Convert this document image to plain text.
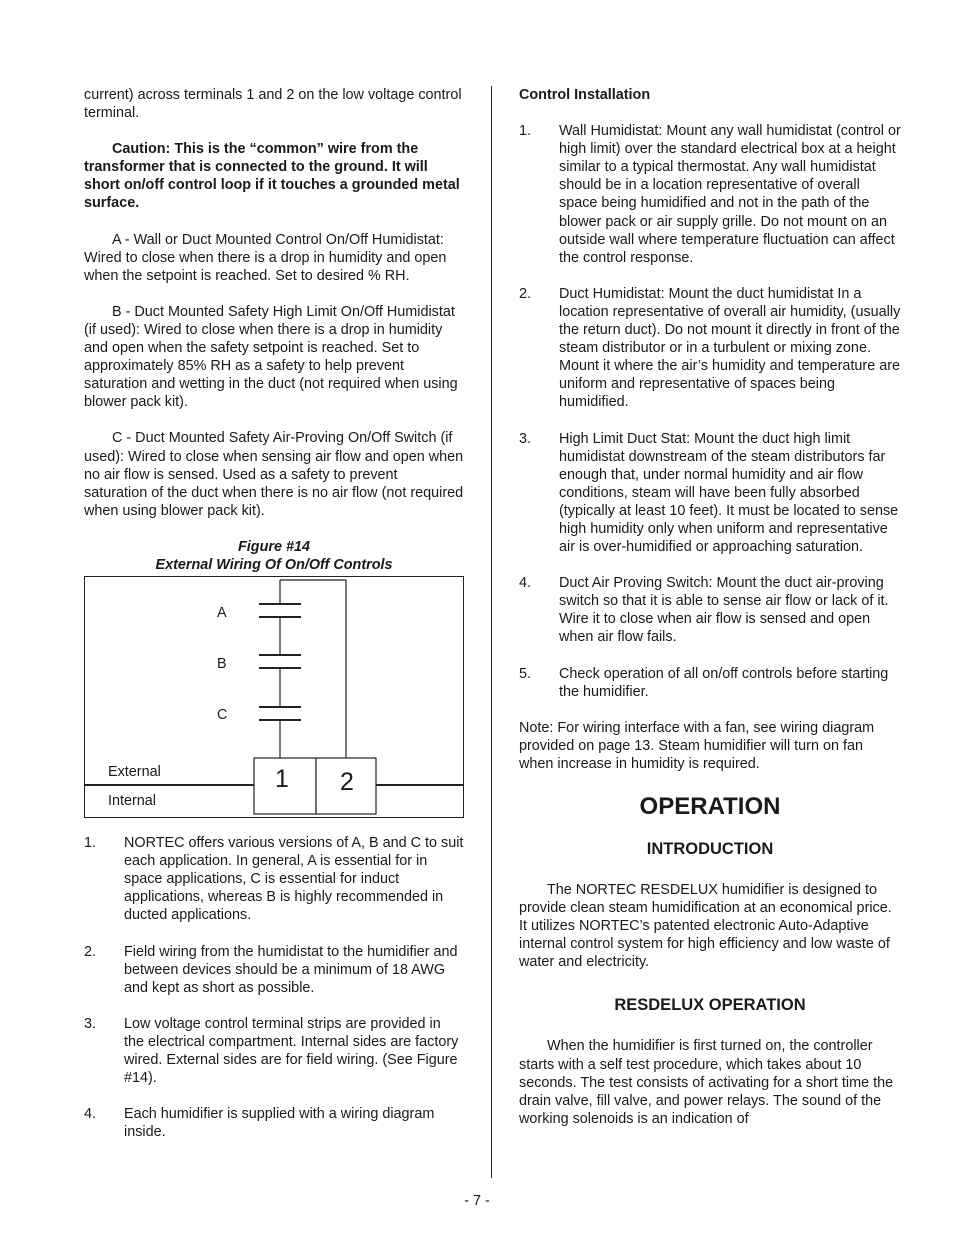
current) across terminals 1 and 2 on the low voltage control terminal.

Caution: This is the “common” wire from the transformer that is connected to the ground. It will short on/off control loop if it touches a grounded metal surface.

A - Wall or Duct Mounted Control On/Off Humidistat: Wired to close when there is a drop in humidity and open when the setpoint is reached. Set to desired % RH.

B - Duct Mounted Safety High Limit On/Off Humidistat (if used): Wired to close when there is a drop in humidity and open when the safety setpoint is reached. Set to approximately 85% RH as a safety to help prevent saturation and wetting in the duct (not required when using blower pack kit).

C - Duct Mounted Safety Air-Proving On/Off Switch (if used): Wired to close when sensing air flow and open when no air flow is sensed. Used as a safety to prevent saturation of the duct when there is no air flow (not required when using blower pack kit).

Figure #14
External Wiring Of On/Off Controls
A
B
C
External
Internal
1 2
1. NORTEC offers various versions of A, B and C to suit each application. In general, A is essential for in space applications, C is essential for induct applications, whereas B is highly recommended in ducted applications.
2. Field wiring from the humidistat to the humidifier and between devices should be a minimum of 18 AWG and kept as short as possible.
3. Low voltage control terminal strips are provided in the electrical compartment. Internal sides are factory wired. External sides are for field wiring. (See Figure #14).
4. Each humidifier is supplied with a wiring diagram inside.

Control Installation

1. Wall Humidistat: Mount any wall humidistat (control or high limit) over the standard electrical box at a height similar to a typical thermostat. Any wall humidistat should be in a location representative of overall space being humidified and not in the path of the blower pack or air supply grille. Do not mount on an outside wall where temperature fluctuation can affect the control response.
2. Duct Humidistat: Mount the duct humidistat In a location representative of overall air humidity, (usually the return duct). Do not mount it directly in front of the steam distributor or in a turbulent or mixing zone. Mount it where the air’s humidity and temperature are uniform and representative of spaces being humidified.
3. High Limit Duct Stat: Mount the duct high limit humidistat downstream of the steam distributors far enough that, under normal humidity and air flow conditions, steam will have been fully absorbed (typically at least 10 feet). It must be located to sense high humidity only when uniform and representative air is over-humidified or approaching saturation.
4. Duct Air Proving Switch: Mount the duct air-proving switch so that it is able to sense air flow or lack of it. Wire it to close when air flow is sensed and open when air flow fails.
5. Check operation of all on/off controls before starting the humidifier.

Note: For wiring interface with a fan, see wiring diagram provided on page 13. Steam humidifier will turn on fan when increase in humidity is required.

OPERATION
INTRODUCTION

The NORTEC RESDELUX humidifier is designed to provide clean steam humidification at an economical price. It utilizes NORTEC’s patented electronic Auto-Adaptive internal control system for high efficiency and low waste of water and electricity.

RESDELUX OPERATION

When the humidifier is first turned on, the controller starts with a self test procedure, which takes about 10 seconds. The test consists of activating for a short time the drain valve, fill valve, and power relays. The sound of the working solenoids is an indication of

- 7 -
